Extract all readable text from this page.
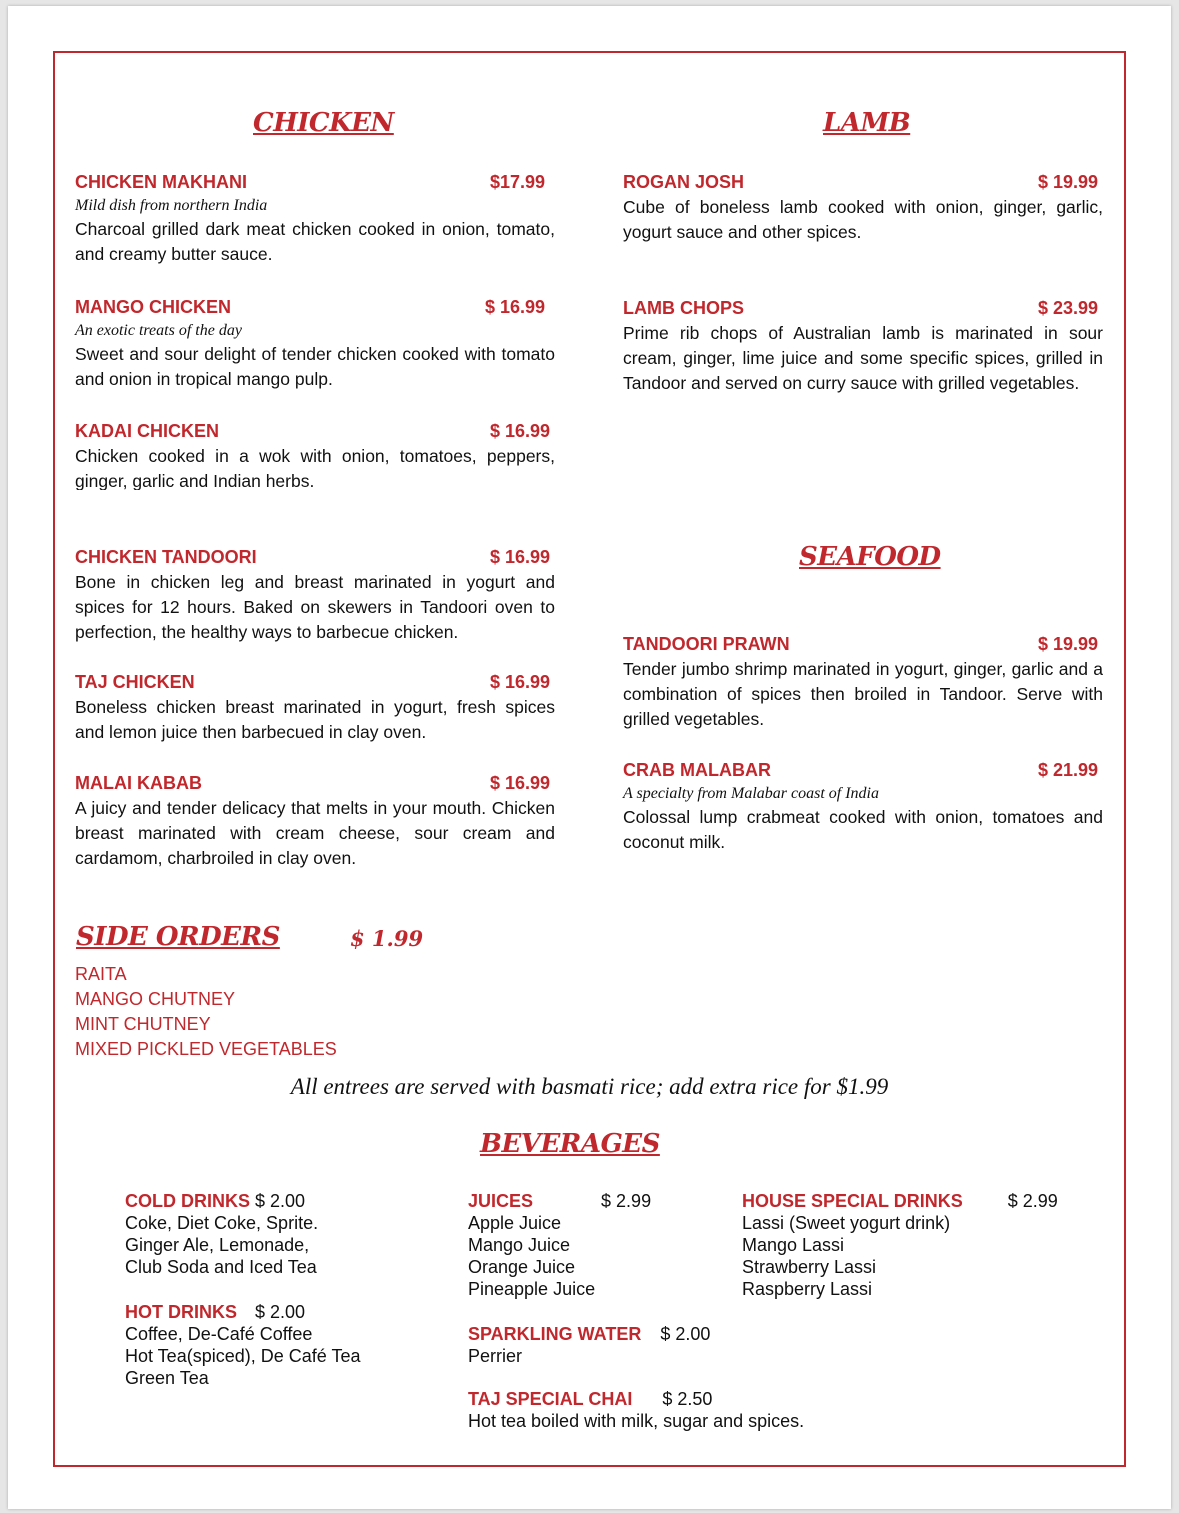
CHICKEN	LAMB
SEAFOOD
SIDE ORDERS
BEVERAGES
CHICKEN MAKHANI	$17.99
Mild dish from northern India

Charcoal grilled dark meat chicken cooked in onion, tomato, and creamy butter sauce.

MANGO CHICKEN	$ 16.99
An exotic treats of the day

Sweet and sour delight of tender chicken cooked with tomato and onion in tropical mango pulp.

KADAI CHICKEN	$ 16.99

Chicken cooked in a wok with onion, tomatoes, peppers, ginger, garlic and Indian herbs.

CHICKEN TANDOORI	$ 16.99

Bone in chicken leg and breast marinated in yogurt and spices for 12 hours. Baked on skewers in Tandoori oven to perfection, the healthy ways to barbecue chicken.

TAJ CHICKEN	$ 16.99

Boneless chicken breast marinated in yogurt, fresh spices and lemon juice then barbecued in clay oven.

MALAI KABAB	$ 16.99

A juicy and tender delicacy that melts in your mouth. Chicken breast marinated with cream cheese, sour cream and cardamom, charbroiled in clay oven.

ROGAN JOSH	$ 19.99

Cube of boneless lamb cooked with onion, ginger, garlic, yogurt sauce and other spices.

LAMB CHOPS	$ 23.99

Prime rib chops of Australian lamb is marinated in sour cream, ginger, lime juice and some specific spices, grilled in Tandoor and served on curry sauce with grilled vegetables.

TANDOORI PRAWN	$ 19.99

Tender jumbo shrimp marinated in yogurt, ginger, garlic and a combination of spices then broiled in Tandoor. Serve with grilled vegetables.

CRAB MALABAR	$ 21.99
A specialty from Malabar coast of India

Colossal lump crabmeat cooked with onion, tomatoes and coconut milk.

$ 1.99
RAITA
MANGO CHUTNEY
MINT CHUTNEY
MIXED PICKLED VEGETABLES

All entrees are served with basmati rice; add extra rice for $1.99

COLD DRINKS $ 2.00
Coke, Diet Coke, Sprite.
Ginger Ale, Lemonade,
Club Soda and Iced Tea
HOT DRINKS $ 2.00
Coffee, De-Café Coffee
Hot Tea(spiced), De Café Tea
Green Tea
JUICES	$ 2.99
Apple Juice
Mango Juice
Orange Juice
Pineapple Juice
SPARKLING WATER $ 2.00
Perrier
TAJ SPECIAL CHAI $ 2.50
Hot tea boiled with milk, sugar and spices.
HOUSE SPECIAL DRINKS	$ 2.99
Lassi (Sweet yogurt drink)
Mango Lassi
Strawberry Lassi
Raspberry Lassi
